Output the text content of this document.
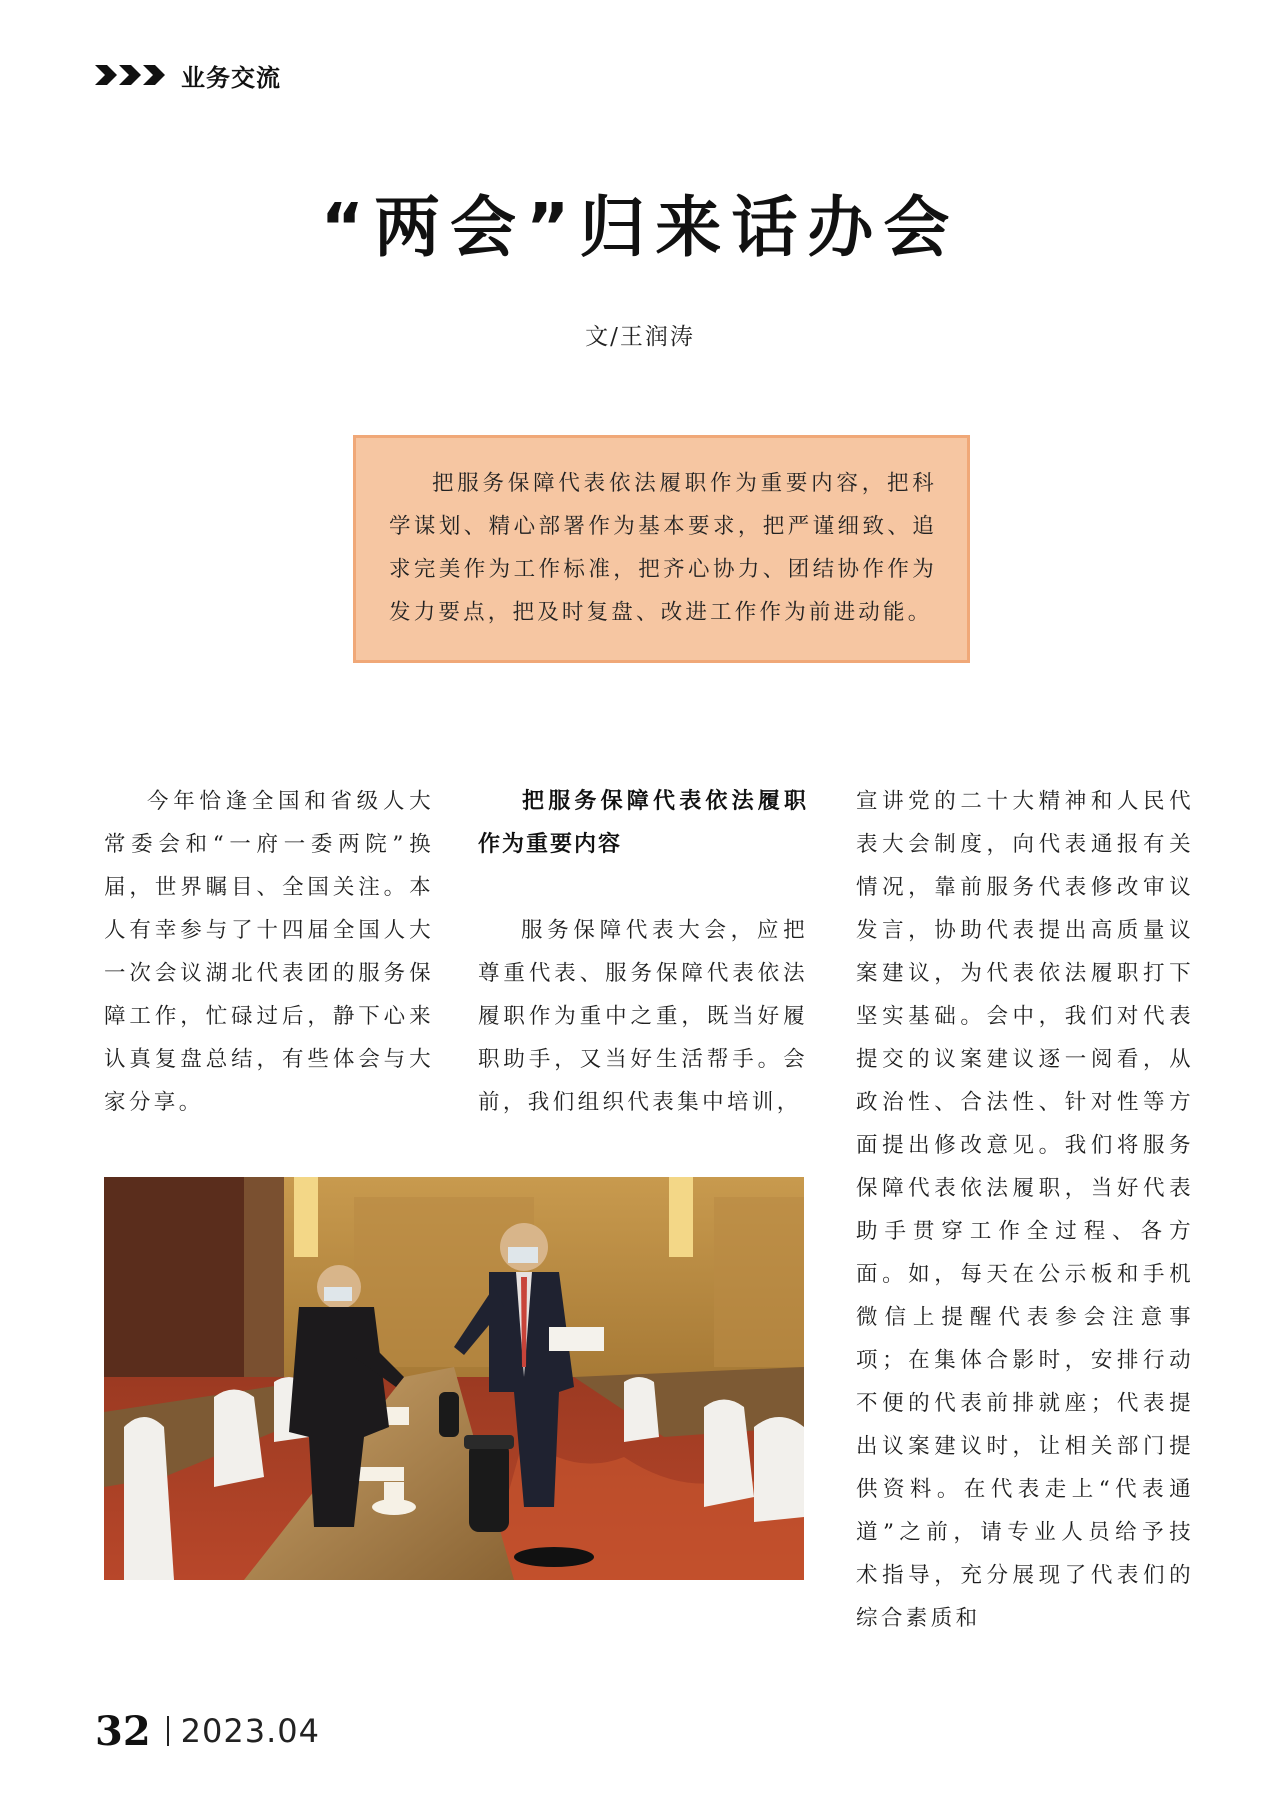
业务交流
“两会”归来话办会
文/王润涛

把服务保障代表依法履职作为重要内容，把科学谋划、精心部署作为基本要求，把严谨细致、追求完美作为工作标准，把齐心协力、团结协作作为发力要点，把及时复盘、改进工作作为前进动能。

今年恰逢全国和省级人大常委会和“一府一委两院”换届，世界瞩目、全国关注。本人有幸参与了十四届全国人大一次会议湖北代表团的服务保障工作，忙碌过后，静下心来认真复盘总结，有些体会与大家分享。

把服务保障代表依法履职作为重要内容

服务保障代表大会，应把尊重代表、服务保障代表依法履职作为重中之重，既当好履职助手，又当好生活帮手。会前，我们组织代表集中培训，

宣讲党的二十大精神和人民代表大会制度，向代表通报有关情况，靠前服务代表修改审议发言，协助代表提出高质量议案建议，为代表依法履职打下坚实基础。会中，我们对代表提交的议案建议逐一阅看，从政治性、合法性、针对性等方面提出修改意见。我们将服务保障代表依法履职，当好代表助手贯穿工作全过程、各方面。如，每天在公示板和手机微信上提醒代表参会注意事项；在集体合影时，安排行动不便的代表前排就座；代表提出议案建议时，让相关部门提供资料。在代表走上“代表通道”之前，请专业人员给予技术指导，充分展现了代表们的综合素质和

32 2023.04
